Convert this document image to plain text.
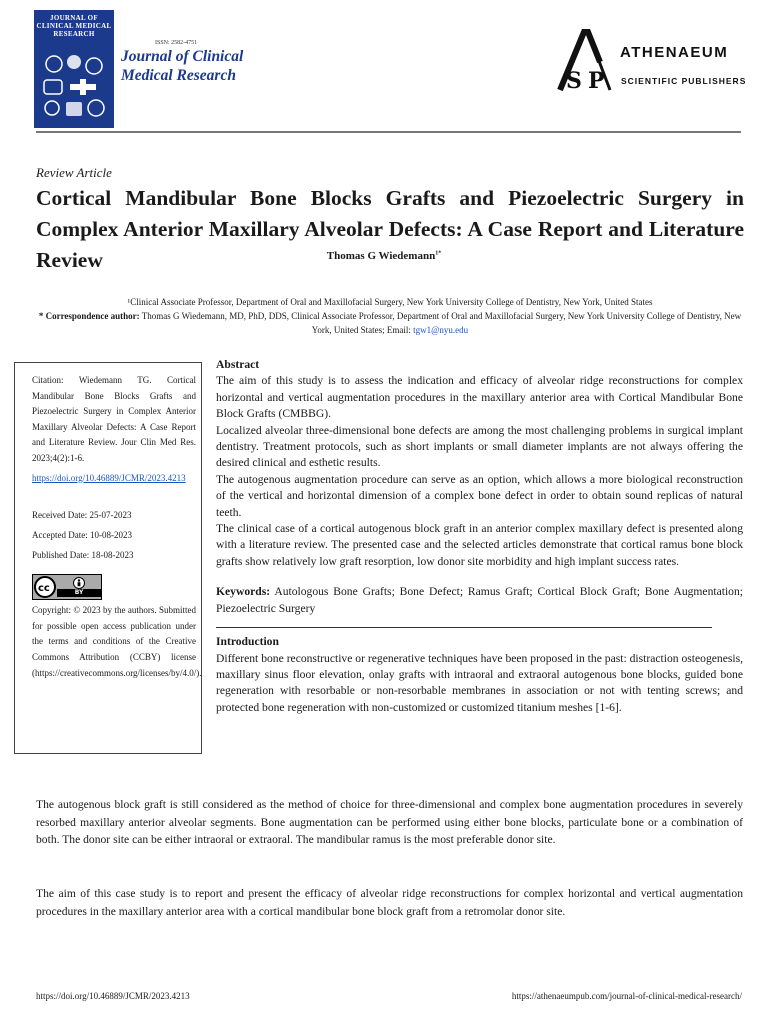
JOURNAL OF CLINICAL MEDICAL RESEARCH
ISSN: 2582-4751
Journal of Clinical
Medical Research	S P
ATHENAEUM
SCIENTIFIC PUBLISHERS
Review Article
Cortical Mandibular Bone Blocks Grafts and Piezoelectric Surgery in Complex Anterior Maxillary Alveolar Defects: A Case Report and Literature Review	Thomas G Wiedemann$^{1*}$
¹Clinical Associate Professor, Department of Oral and Maxillofacial Surgery, New York University College of Dentistry, New York, United States
* Correspondence author: Thomas G Wiedemann, MD, PhD, DDS, Clinical Associate Professor, Department of Oral and Maxillofacial Surgery, New York University College of Dentistry, New York, United States; Email: tgw1@nyu.edu
Citation: Wiedemann TG. Cortical Mandibular Bone Blocks Grafts and Piezoelectric Surgery in Complex Anterior Maxillary Alveolar Defects: A Case Report and Literature Review. Jour Clin Med Res. 2023;4(2):1-6.
https://doi.org/10.46889/JCMR/2023.4213
Received Date: 25-07-2023
Accepted Date: 10-08-2023
Published Date: 18-08-2023
cc	BY
Copyright: © 2023 by the authors. Submitted for possible open access publication under the terms and conditions of the Creative Commons Attribution (CCBY) license (https://creativecommons.org/licenses/by/4.0/).

Abstract

The aim of this study is to assess the indication and efficacy of alveolar ridge reconstructions for complex horizontal and vertical augmentation procedures in the maxillary anterior area with Cortical Mandibular Bone Block Grafts (CMBBG).

Localized alveolar three-dimensional bone defects are among the most challenging problems in surgical implant dentistry. Treatment protocols, such as short implants or small diameter implants are not always offering the desired clinical and esthetic results.

The autogenous augmentation procedure can serve as an option, which allows a more biological reconstruction of the vertical and horizontal dimension of a complex bone defect in order to obtain sound replicas of natural teeth.

The clinical case of a cortical autogenous block graft in an anterior complex maxillary defect is presented along with a literature review. The presented case and the selected articles demonstrate that cortical ramus bone block grafts show relatively low graft resorption, low donor site morbidity and high implant success rates.

Keywords: Autologous Bone Grafts; Bone Defect; Ramus Graft; Cortical Block Graft; Bone Augmentation; Piezoelectric Surgery

Introduction

Different bone reconstructive or regenerative techniques have been proposed in the past: distraction osteogenesis, maxillary sinus floor elevation, onlay grafts with intraoral and extraoral autogenous bone blocks, guided bone regeneration with resorbable or non-resorbable membranes in association or not with tenting screws; and protected bone regeneration with non-customized or customized titanium meshes [1-6].

The autogenous block graft is still considered as the method of choice for three-dimensional and complex bone augmentation procedures in severely resorbed maxillary anterior alveolar segments. Bone augmentation can be performed using either bone blocks, particulate bone or a combination of both. The donor site can be either intraoral or extraoral. The mandibular ramus is the most preferable donor site.

The aim of this case study is to report and present the efficacy of alveolar ridge reconstructions for complex horizontal and vertical augmentation procedures in the maxillary anterior area with a cortical mandibular bone block graft from a retromolar donor site.

https://doi.org/10.46889/JCMR/2023.4213	https://athenaeumpub.com/journal-of-clinical-medical-research/
